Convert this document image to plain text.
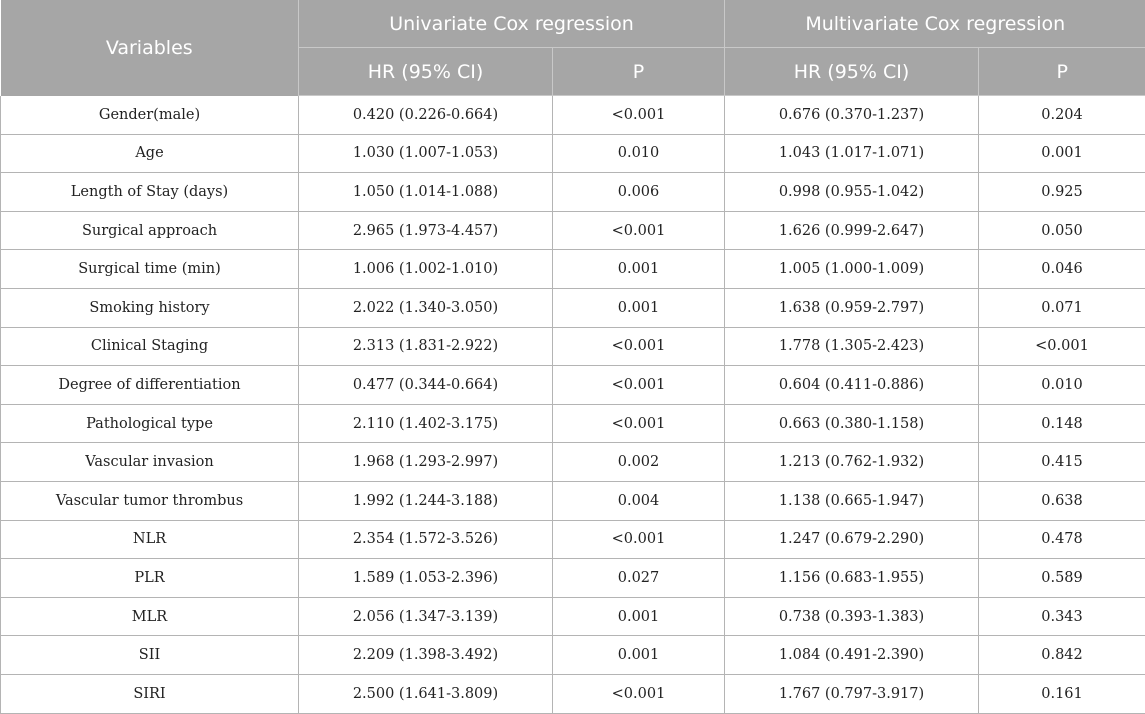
Variables	Univariate Cox regression		Multivariate Cox regression	
	HR (95% CI)	P	HR (95% CI)	P
Gender(male)	0.420 (0.226-0.664)	<0.001	0.676 (0.370-1.237)	0.204
Age	1.030 (1.007-1.053)	0.010	1.043 (1.017-1.071)	0.001
Length of Stay (days)	1.050 (1.014-1.088)	0.006	0.998 (0.955-1.042)	0.925
Surgical approach	2.965 (1.973-4.457)	<0.001	1.626 (0.999-2.647)	0.050
Surgical time (min)	1.006 (1.002-1.010)	0.001	1.005 (1.000-1.009)	0.046
Smoking history	2.022 (1.340-3.050)	0.001	1.638 (0.959-2.797)	0.071
Clinical Staging	2.313 (1.831-2.922)	<0.001	1.778 (1.305-2.423)	<0.001
Degree of differentiation	0.477 (0.344-0.664)	<0.001	0.604 (0.411-0.886)	0.010
Pathological type	2.110 (1.402-3.175)	<0.001	0.663 (0.380-1.158)	0.148
Vascular invasion	1.968 (1.293-2.997)	0.002	1.213 (0.762-1.932)	0.415
Vascular tumor thrombus	1.992 (1.244-3.188)	0.004	1.138 (0.665-1.947)	0.638
NLR	2.354 (1.572-3.526)	<0.001	1.247 (0.679-2.290)	0.478
PLR	1.589 (1.053-2.396)	0.027	1.156 (0.683-1.955)	0.589
MLR	2.056 (1.347-3.139)	0.001	0.738 (0.393-1.383)	0.343
SII	2.209 (1.398-3.492)	0.001	1.084 (0.491-2.390)	0.842
SIRI	2.500 (1.641-3.809)	<0.001	1.767 (0.797-3.917)	0.161
